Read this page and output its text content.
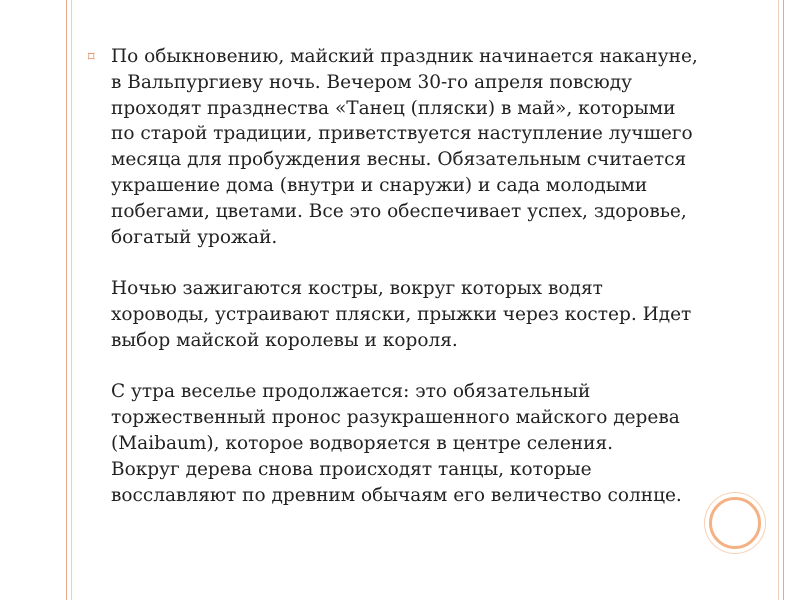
⌑ По обыкновению, майский праздник начинается накануне,
в Вальпургиеву ночь. Вечером 30-го апреля повсюду
проходят празднества «Танец (пляски) в май», которыми
по старой традиции, приветствуется наступление лучшего
месяца для пробуждения весны. Обязательным считается
украшение дома (внутри и снаружи) и сада молодыми
побегами, цветами. Все это обеспечивает успех, здоровье,
богатый урожай.

Ночью зажигаются костры, вокруг которых водят
хороводы, устраивают пляски, прыжки через костер. Идет
выбор майской королевы и короля.

С утра веселье продолжается: это обязательный
торжественный пронос разукрашенного майского дерева
(Maibaum), которое водворяется в центре селения.
Вокруг дерева снова происходят танцы, которые
восславляют по древним обычаям его величество солнце.
